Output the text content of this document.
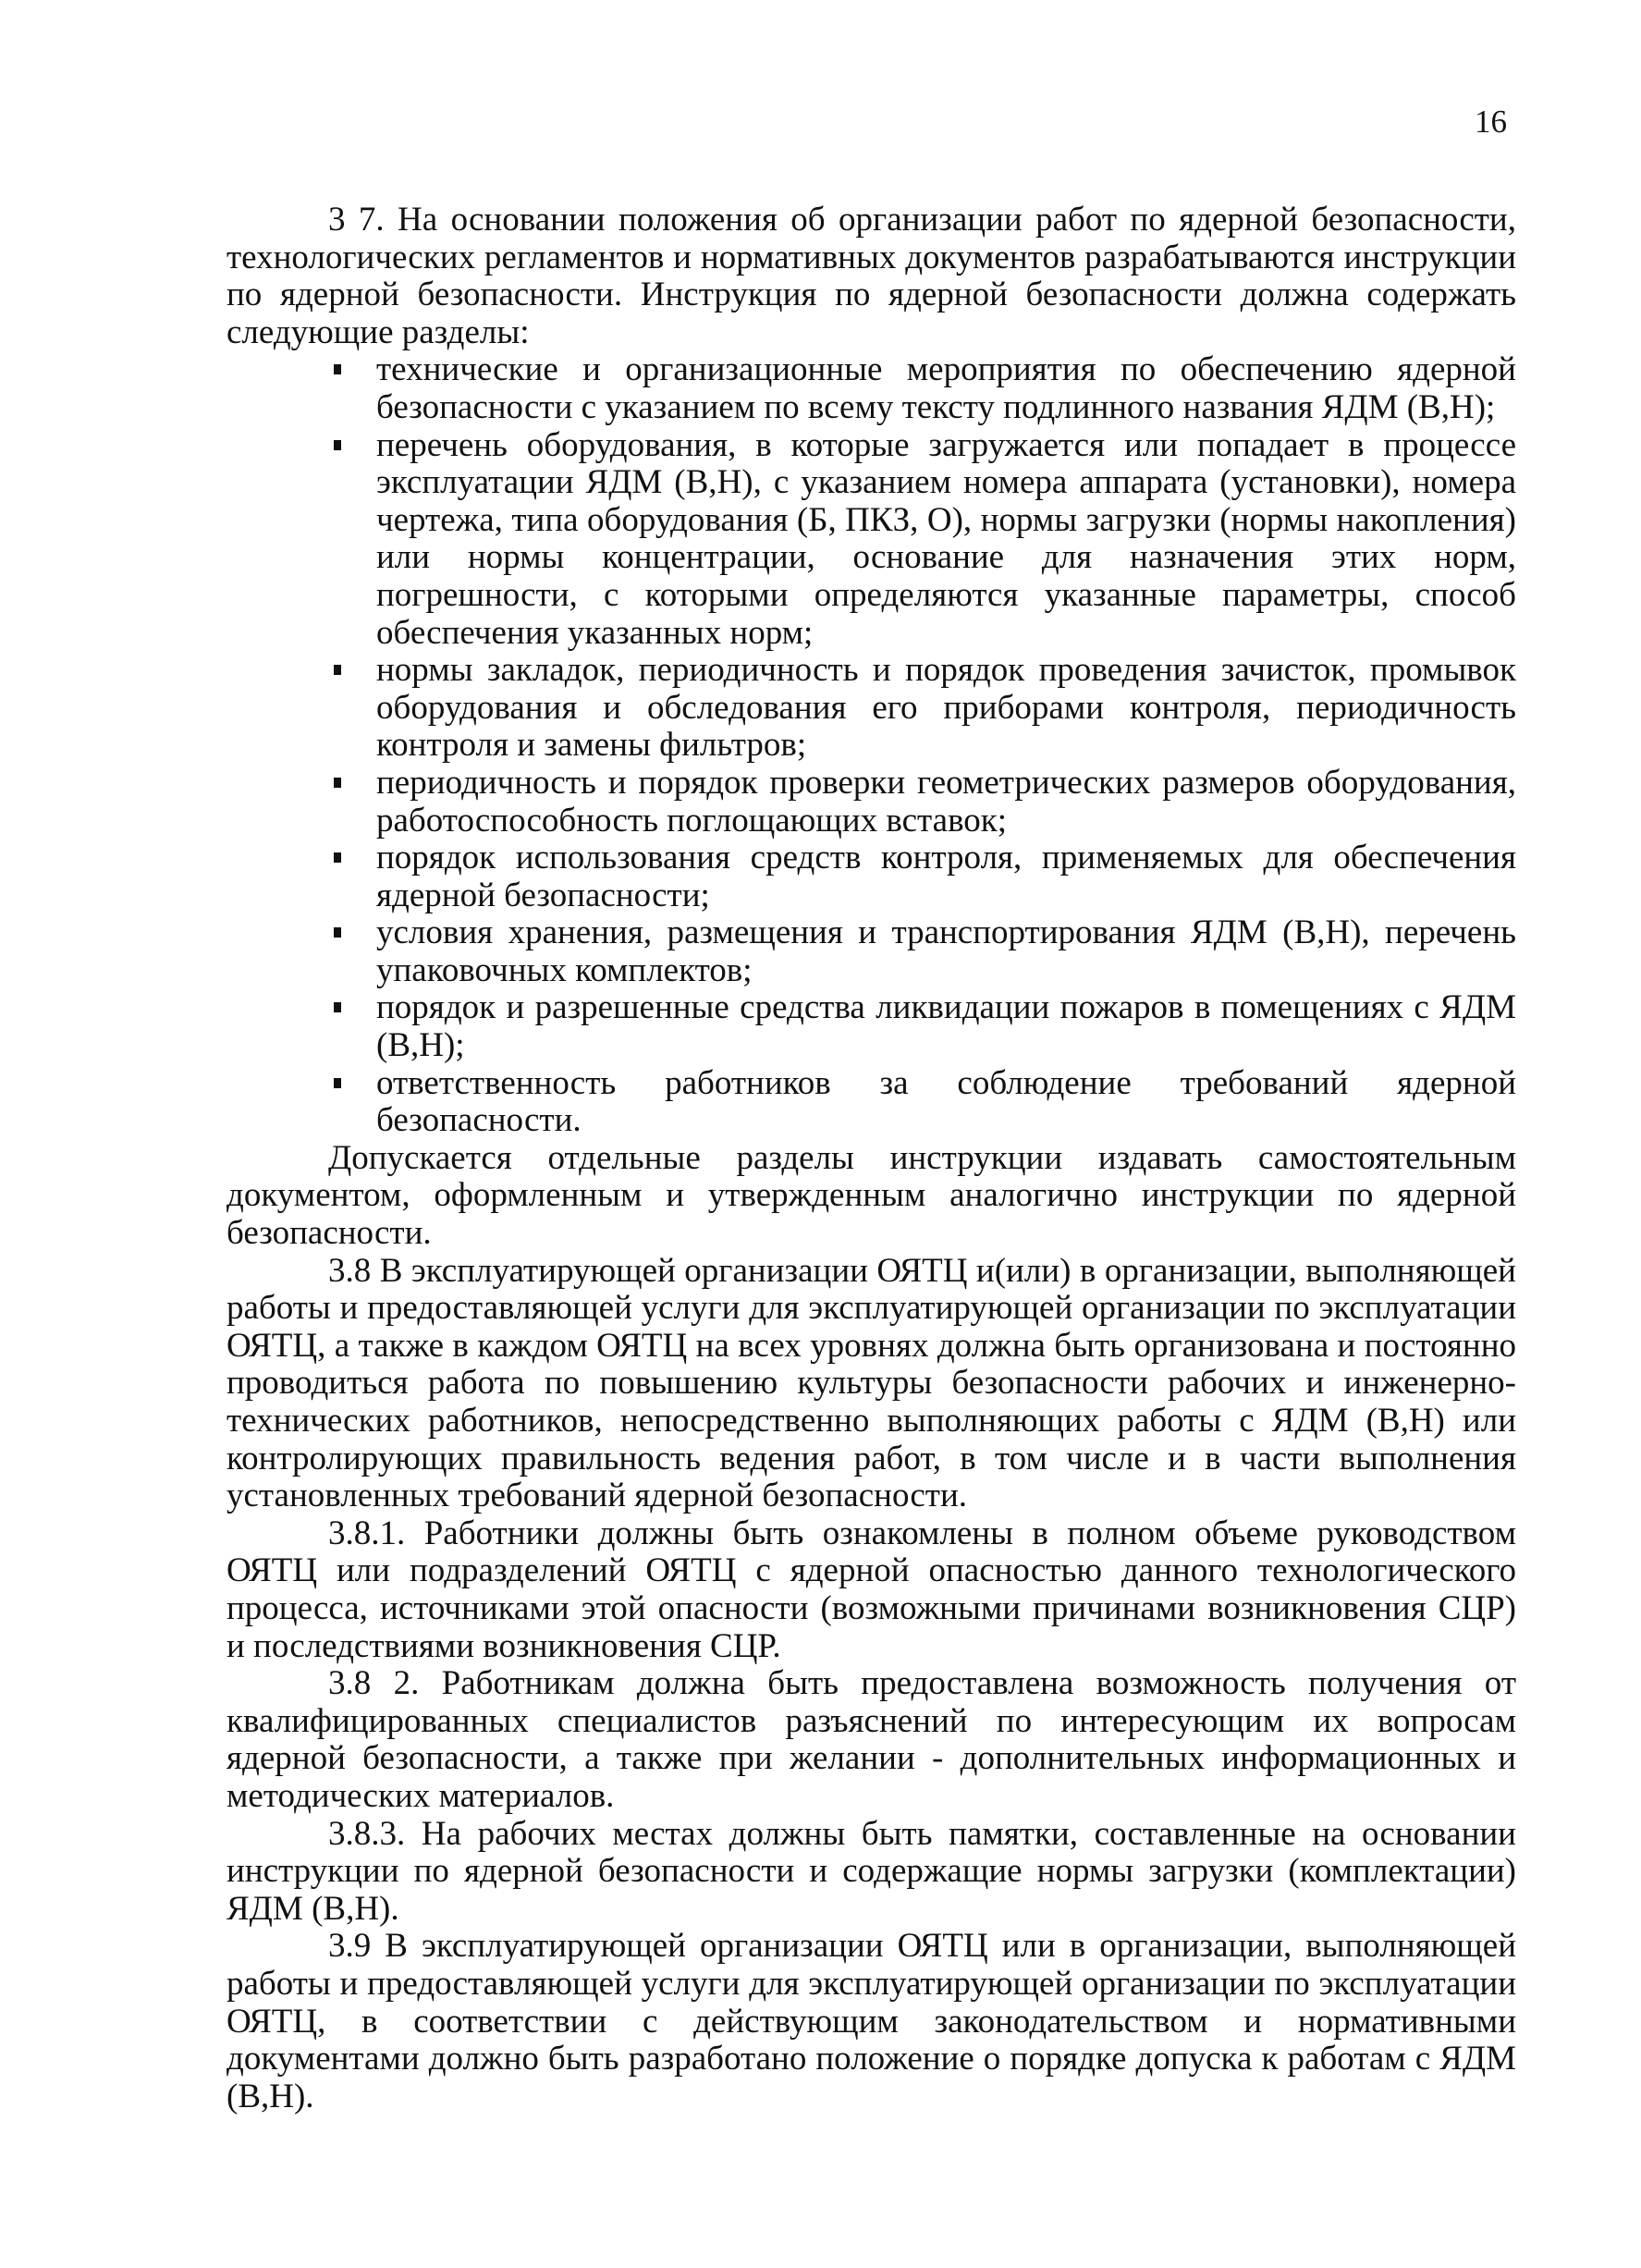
16

3 7. На основании положения об организации работ по ядерной безопасности, технологических регламентов и нормативных документов разрабатываются инструкции по ядерной безопасности. Инструкция по ядерной безопасности должна содержать следующие разделы:

технические и организационные мероприятия по обеспечению ядерной безопасности с указанием по всему тексту подлинного названия ЯДМ (В,Н);
перечень оборудования, в которые загружается или попадает в процессе эксплуатации ЯДМ (В,Н), с указанием номера аппарата (установки), номера чертежа, типа оборудования (Б, ПКЗ, О), нормы загрузки (нормы накопления) или нормы концентрации, основание для назначения этих норм, погрешности, с которыми определяются указанные параметры, способ обеспечения указанных норм;
нормы закладок, периодичность и порядок проведения зачисток, промывок оборудования и обследования его приборами контроля, периодичность контроля и замены фильтров;
периодичность и порядок проверки геометрических размеров оборудования, работоспособность поглощающих вставок;
порядок использования средств контроля, применяемых для обеспечения ядерной безопасности;
условия хранения, размещения и транспортирования ЯДМ (В,Н), перечень упаковочных комплектов;
порядок и разрешенные средства ликвидации пожаров в помещениях с ЯДМ (В,Н);
ответственность работников за соблюдение требований ядерной безопасности.

Допускается отдельные разделы инструкции издавать самостоятельным документом, оформленным и утвержденным аналогично инструкции по ядерной безопасности.

3.8 В эксплуатирующей организации ОЯТЦ и(или) в организации, выполняющей работы и предоставляющей услуги для эксплуатирующей организации по эксплуатации ОЯТЦ, а также в каждом ОЯТЦ на всех уровнях должна быть организована и постоянно проводиться работа по повышению культуры безопасности рабочих и инженерно-технических работников, непосредственно выполняющих работы с ЯДМ (В,Н) или контролирующих правильность ведения работ, в том числе и в части выполнения установленных требований ядерной безопасности.

3.8.1. Работники должны быть ознакомлены в полном объеме руководством ОЯТЦ или подразделений ОЯТЦ с ядерной опасностью данного технологического процесса, источниками этой опасности (возможными причинами возникновения СЦР) и последствиями возникновения СЦР.

3.8 2. Работникам должна быть предоставлена возможность получения от квалифицированных специалистов разъяснений по интересующим их вопросам ядерной безопасности, а также при желании - дополнительных информационных и методических материалов.

3.8.3. На рабочих местах должны быть памятки, составленные на основании инструкции по ядерной безопасности и содержащие нормы загрузки (комплектации) ЯДМ (В,Н).

3.9 В эксплуатирующей организации ОЯТЦ или в организации, выполняющей работы и предоставляющей услуги для эксплуатирующей организации по эксплуатации ОЯТЦ, в соответствии с действующим законодательством и нормативными документами должно быть разработано положение о порядке допуска к работам с ЯДМ (В,Н).
